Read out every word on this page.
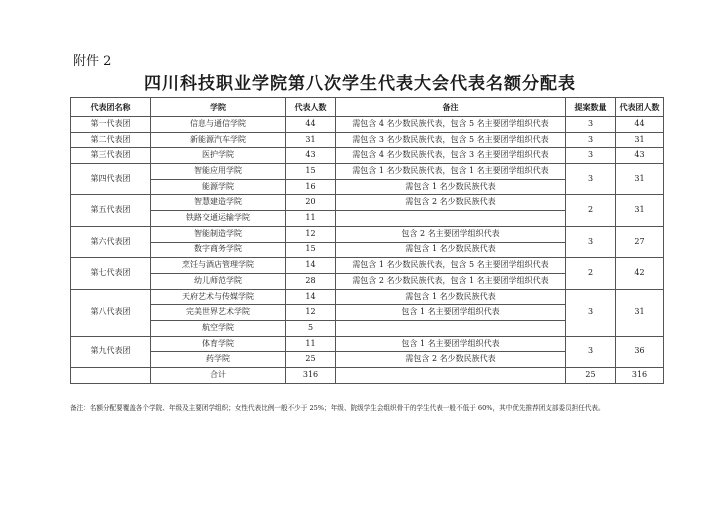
附件 2
四川科技职业学院第八次学生代表大会代表名额分配表
代表团名称	学院	代表人数	备注	提案数量	代表团人数
第一代表团	信息与通信学院	44	需包含 4 名少数民族代表，包含 5 名主要团学组织代表	3	44
第二代表团	新能源汽车学院	31	需包含 3 名少数民族代表，包含 5 名主要团学组织代表	3	31
第三代表团	医护学院	43	需包含 4 名少数民族代表，包含 3 名主要团学组织代表	3	43
第四代表团	智能应用学院	15	需包含 1 名少数民族代表，包含 1 名主要团学组织代表	3	31
	能源学院	16	需包含 1 名少数民族代表		
第五代表团	智慧建造学院	20	需包含 2 名少数民族代表	2	31
	铁路交通运输学院	11			
第六代表团	智能制造学院	12	包含 2 名主要团学组织代表	3	27
	数字商务学院	15	需包含 1 名少数民族代表		
第七代表团	烹饪与酒店管理学院	14	需包含 1 名少数民族代表，包含 5 名主要团学组织代表	2	42
	幼儿师范学院	28	需包含 2 名少数民族代表，包含 1 名主要团学组织代表		
第八代表团	天府艺术与传媒学院	14	需包含 1 名少数民族代表	3	31
	完美世界艺术学院	12	包含 1 名主要团学组织代表		
	航空学院	5			
第九代表团	体育学院	11	包含 1 名主要团学组织代表	3	36
	药学院	25	需包含 2 名少数民族代表		
	合计	316		25	316
备注：名额分配要覆盖各个学院、年级及主要团学组织；女性代表比例一般不少于 25%；年级、院级学生会组织骨干的学生代表一般不低于 60%，其中优先推荐团支部委员担任代表。
